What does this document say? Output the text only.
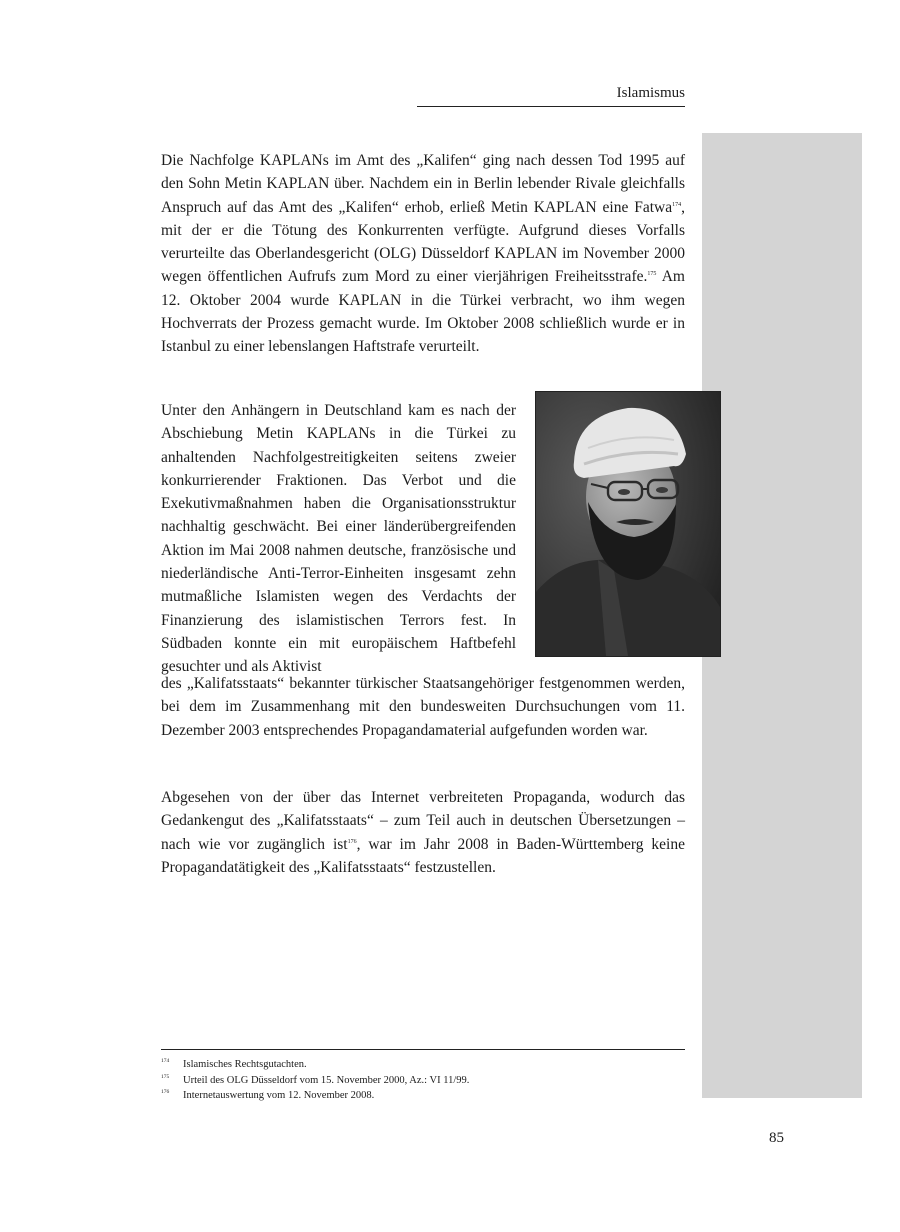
Islamismus

Die Nachfolge KAPLANs im Amt des „Kalifen“ ging nach dessen Tod 1995 auf den Sohn Metin KAPLAN über. Nachdem ein in Berlin lebender Rivale gleichfalls Anspruch auf das Amt des „Kalifen“ erhob, erließ Metin KAPLAN eine Fatwa$^{174}$, mit der er die Tötung des Konkurrenten verfügte. Aufgrund dieses Vorfalls verurteilte das Oberlandesgericht (OLG) Düsseldorf KAPLAN im November 2000 wegen öffentlichen Aufrufs zum Mord zu einer vierjährigen Freiheitsstrafe.$^{175}$ Am 12. Oktober 2004 wurde KAPLAN in die Türkei verbracht, wo ihm wegen Hochverrats der Prozess gemacht wurde. Im Oktober 2008 schließlich wurde er in Istanbul zu einer lebenslangen Haftstrafe verurteilt.

Unter den Anhängern in Deutschland kam es nach der Abschiebung Metin KAPLANs in die Türkei zu anhaltenden Nachfolgestreitigkeiten seitens zweier konkurrierender Fraktionen. Das Verbot und die Exekutivmaßnahmen haben die Organisationsstruktur nachhaltig geschwächt. Bei einer länderübergreifenden Aktion im Mai 2008 nahmen deutsche, französische und niederländische Anti-Terror-Einheiten insgesamt zehn mutmaßliche Islamisten wegen des Verdachts der Finanzierung des islamistischen Terrors fest. In Südbaden konnte ein mit europäischem Haftbefehl gesuchter und als Aktivist

des „Kalifatsstaats“ bekannter türkischer Staatsangehöriger festgenommen werden, bei dem im Zusammenhang mit den bundesweiten Durchsuchungen vom 11. Dezember 2003 entsprechendes Propagandamaterial aufgefunden worden war.

Abgesehen von der über das Internet verbreiteten Propaganda, wodurch das Gedankengut des „Kalifatsstaats“ – zum Teil auch in deutschen Übersetzungen – nach wie vor zugänglich ist$^{176}$, war im Jahr 2008 in Baden-Württemberg keine Propagandatätigkeit des „Kalifatsstaats“ festzustellen.

174 Islamisches Rechtsgutachten.
175 Urteil des OLG Düsseldorf vom 15. November 2000, Az.: VI 11/99.
176 Internetauswertung vom 12. November 2008.
85
